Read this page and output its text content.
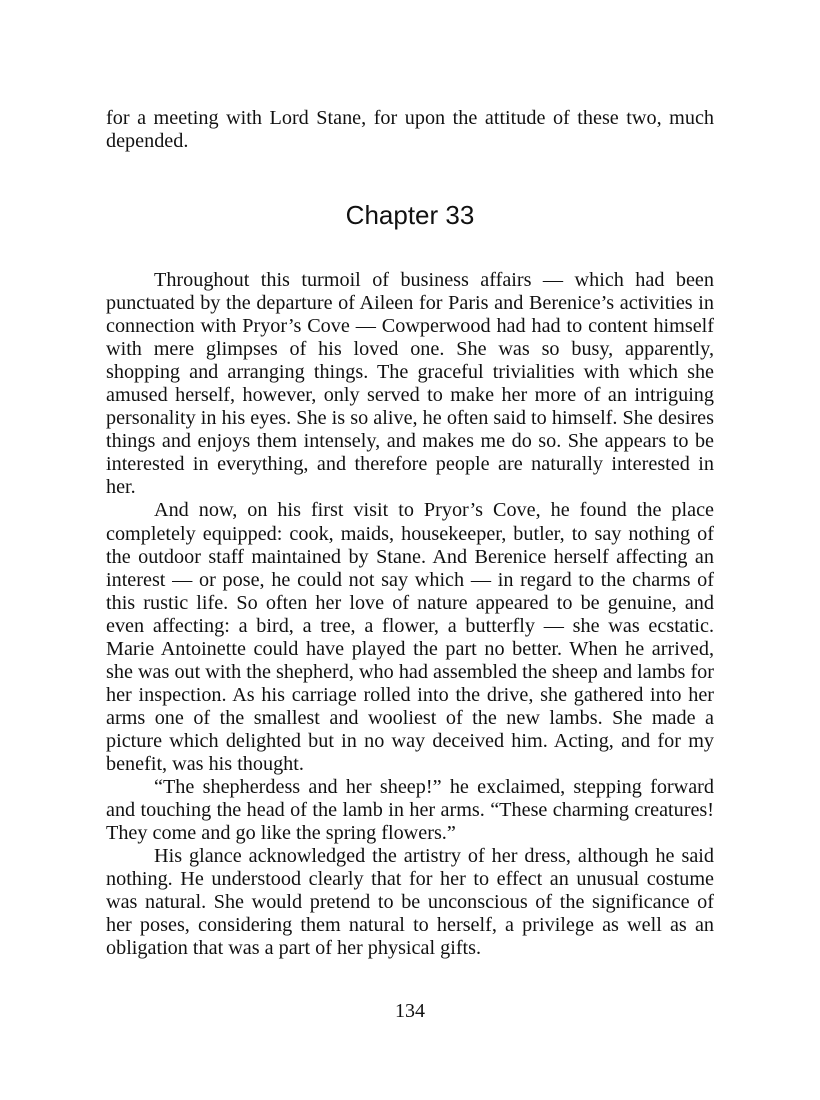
for a meeting with Lord Stane, for upon the attitude of these two, much depended.

Chapter 33

Throughout this turmoil of business affairs — which had been punctuated by the departure of Aileen for Paris and Berenice’s activities in connection with Pryor’s Cove — Cowperwood had had to content himself with mere glimpses of his loved one. She was so busy, apparently, shopping and arranging things. The graceful trivialities with which she amused herself, however, only served to make her more of an intriguing personality in his eyes. She is so alive, he often said to himself. She desires things and enjoys them intensely, and makes me do so. She appears to be interested in everything, and therefore people are naturally interested in her.

And now, on his first visit to Pryor’s Cove, he found the place completely equipped: cook, maids, housekeeper, butler, to say nothing of the outdoor staff maintained by Stane. And Berenice herself affecting an interest — or pose, he could not say which — in regard to the charms of this rustic life. So often her love of nature appeared to be genuine, and even affecting: a bird, a tree, a flower, a butterfly — she was ecstatic. Marie Antoinette could have played the part no better. When he arrived, she was out with the shepherd, who had assembled the sheep and lambs for her inspection. As his carriage rolled into the drive, she gathered into her arms one of the smallest and wooliest of the new lambs. She made a picture which delighted but in no way deceived him. Acting, and for my benefit, was his thought.

“The shepherdess and her sheep!” he exclaimed, stepping forward and touching the head of the lamb in her arms. “These charming creatures! They come and go like the spring flowers.”

His glance acknowledged the artistry of her dress, although he said nothing. He understood clearly that for her to effect an unusual costume was natural. She would pretend to be unconscious of the significance of her poses, considering them natural to herself, a privilege as well as an obligation that was a part of her physical gifts.

134
